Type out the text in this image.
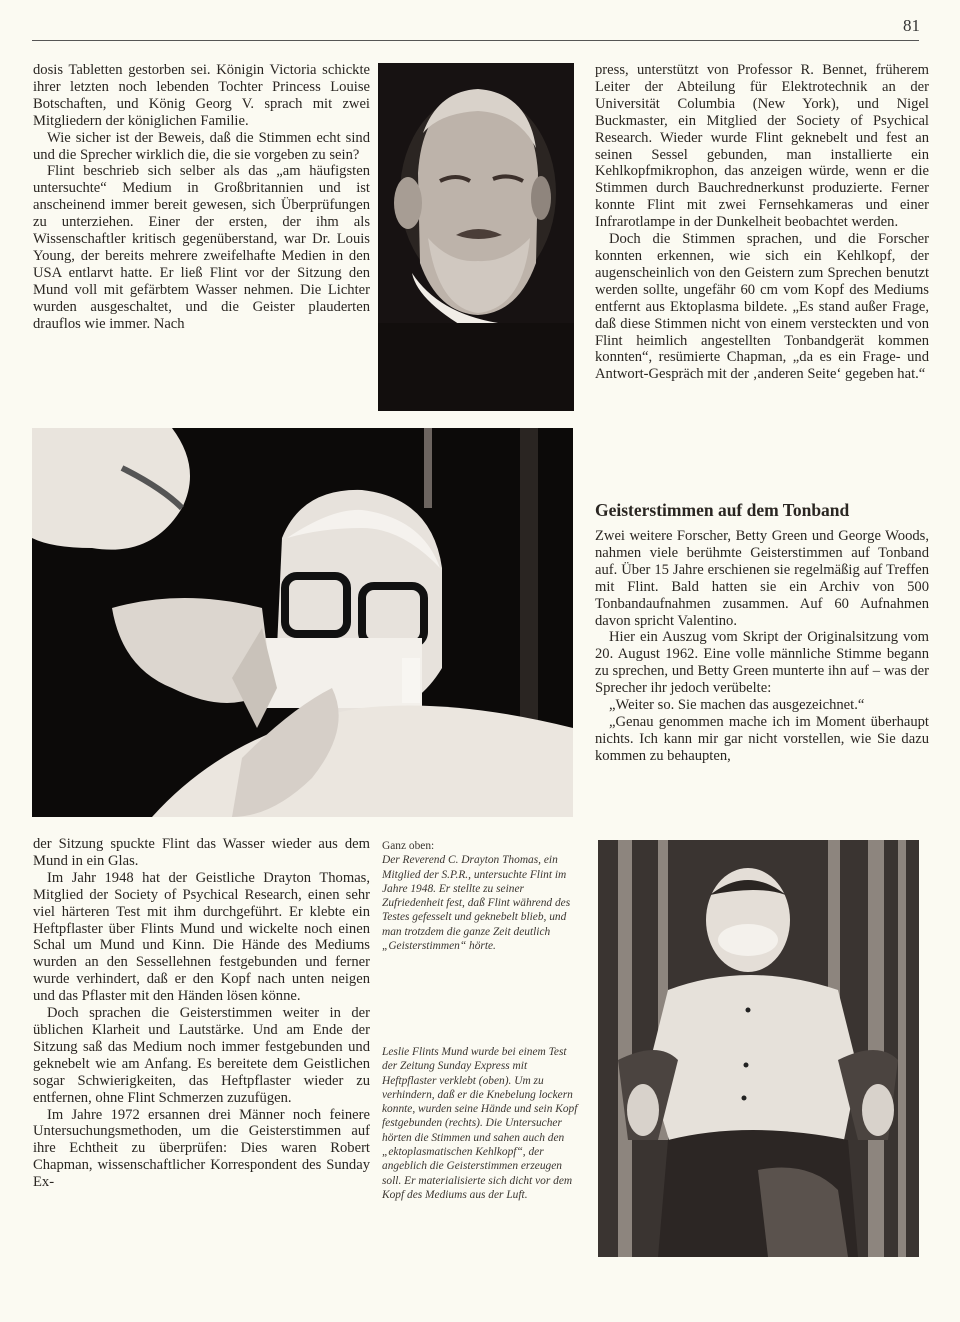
81

dosis Tabletten gestorben sei. Königin Victoria schickte ihrer letzten noch lebenden Tochter Princess Louise Botschaften, und König Georg V. sprach mit zwei Mitgliedern der königlichen Familie.

Wie sicher ist der Beweis, daß die Stimmen echt sind und die Sprecher wirklich die, die sie vorgeben zu sein?

Flint beschrieb sich selber als das „am häufigsten untersuchte“ Medium in Großbritannien und ist anscheinend immer bereit gewesen, sich Überprüfungen zu unterziehen. Einer der ersten, der ihm als Wissenschaftler kritisch gegenüberstand, war Dr. Louis Young, der bereits mehrere zweifelhafte Medien in den USA entlarvt hatte. Er ließ Flint vor der Sitzung den Mund voll mit gefärbtem Wasser nehmen. Die Lichter wurden ausgeschaltet, und die Geister plauderten drauflos wie immer. Nach

press, unterstützt von Professor R. Bennet, früherem Leiter der Abteilung für Elektrotechnik an der Universität Columbia (New York), und Nigel Buckmaster, ein Mitglied der Society of Psychical Research. Wieder wurde Flint geknebelt und fest an seinen Sessel gebunden, man installierte ein Kehlkopfmikrophon, das anzeigen würde, wenn er die Stimmen durch Bauchrednerkunst produzierte. Ferner konnte Flint mit zwei Fernsehkameras und einer Infrarotlampe in der Dunkelheit beobachtet werden.

Doch die Stimmen sprachen, und die Forscher konnten erkennen, wie sich ein Kehlkopf, der augenscheinlich von den Geistern zum Sprechen benutzt werden sollte, ungefähr 60 cm vom Kopf des Mediums entfernt aus Ektoplasma bildete. „Es stand außer Frage, daß diese Stimmen nicht von einem versteckten und von Flint heimlich angestellten Tonbandgerät kommen konnten“, resümierte Chapman, „da es ein Frage- und Antwort-Gespräch mit der ‚anderen Seite‘ gegeben hat.“

Geisterstimmen auf dem Tonband

Zwei weitere Forscher, Betty Green und George Woods, nahmen viele berühmte Geisterstimmen auf Tonband auf. Über 15 Jahre erschienen sie regelmäßig auf Treffen mit Flint. Bald hatten sie ein Archiv von 500 Tonbandaufnahmen zusammen. Auf 60 Aufnahmen davon spricht Valentino.

Hier ein Auszug vom Skript der Originalsitzung vom 20. August 1962. Eine volle männliche Stimme begann zu sprechen, und Betty Green munterte ihn auf – was der Sprecher ihr jedoch verübelte:

„Weiter so. Sie machen das ausgezeichnet.“

„Genau genommen mache ich im Moment überhaupt nichts. Ich kann mir gar nicht vorstellen, wie Sie dazu kommen zu behaupten,

der Sitzung spuckte Flint das Wasser wieder aus dem Mund in ein Glas.

Im Jahr 1948 hat der Geistliche Drayton Thomas, Mitglied der Society of Psychical Research, einen sehr viel härteren Test mit ihm durchgeführt. Er klebte ein Heftpflaster über Flints Mund und wickelte noch einen Schal um Mund und Kinn. Die Hände des Mediums wurden an den Sessellehnen festgebunden und ferner wurde verhindert, daß er den Kopf nach unten neigen und das Pflaster mit den Händen lösen könne.

Doch sprachen die Geisterstimmen weiter in der üblichen Klarheit und Lautstärke. Und am Ende der Sitzung saß das Medium noch immer festgebunden und geknebelt wie am Anfang. Es bereitete dem Geistlichen sogar Schwierigkeiten, das Heftpflaster wieder zu entfernen, ohne Flint Schmerzen zuzufügen.

Im Jahre 1972 ersannen drei Männer noch feinere Untersuchungsmethoden, um die Geisterstimmen auf ihre Echtheit zu überprüfen: Dies waren Robert Chapman, wissenschaftlicher Korrespondent des Sunday Ex-

Ganz oben:
Der Reverend C. Drayton Thomas, ein Mitglied der S.P.R., untersuchte Flint im Jahre 1948. Er stellte zu seiner Zufriedenheit fest, daß Flint während des Testes gefesselt und geknebelt blieb, und man trotzdem die ganze Zeit deutlich „Geisterstimmen“ hörte.
Leslie Flints Mund wurde bei einem Test der Zeitung Sunday Express mit Heftpflaster verklebt (oben). Um zu verhindern, daß er die Knebelung lockern konnte, wurden seine Hände und sein Kopf festgebunden (rechts). Die Untersucher hörten die Stimmen und sahen auch den „ektoplasmatischen Kehlkopf“, der angeblich die Geisterstimmen erzeugen soll. Er materialisierte sich dicht vor dem Kopf des Mediums aus der Luft.
